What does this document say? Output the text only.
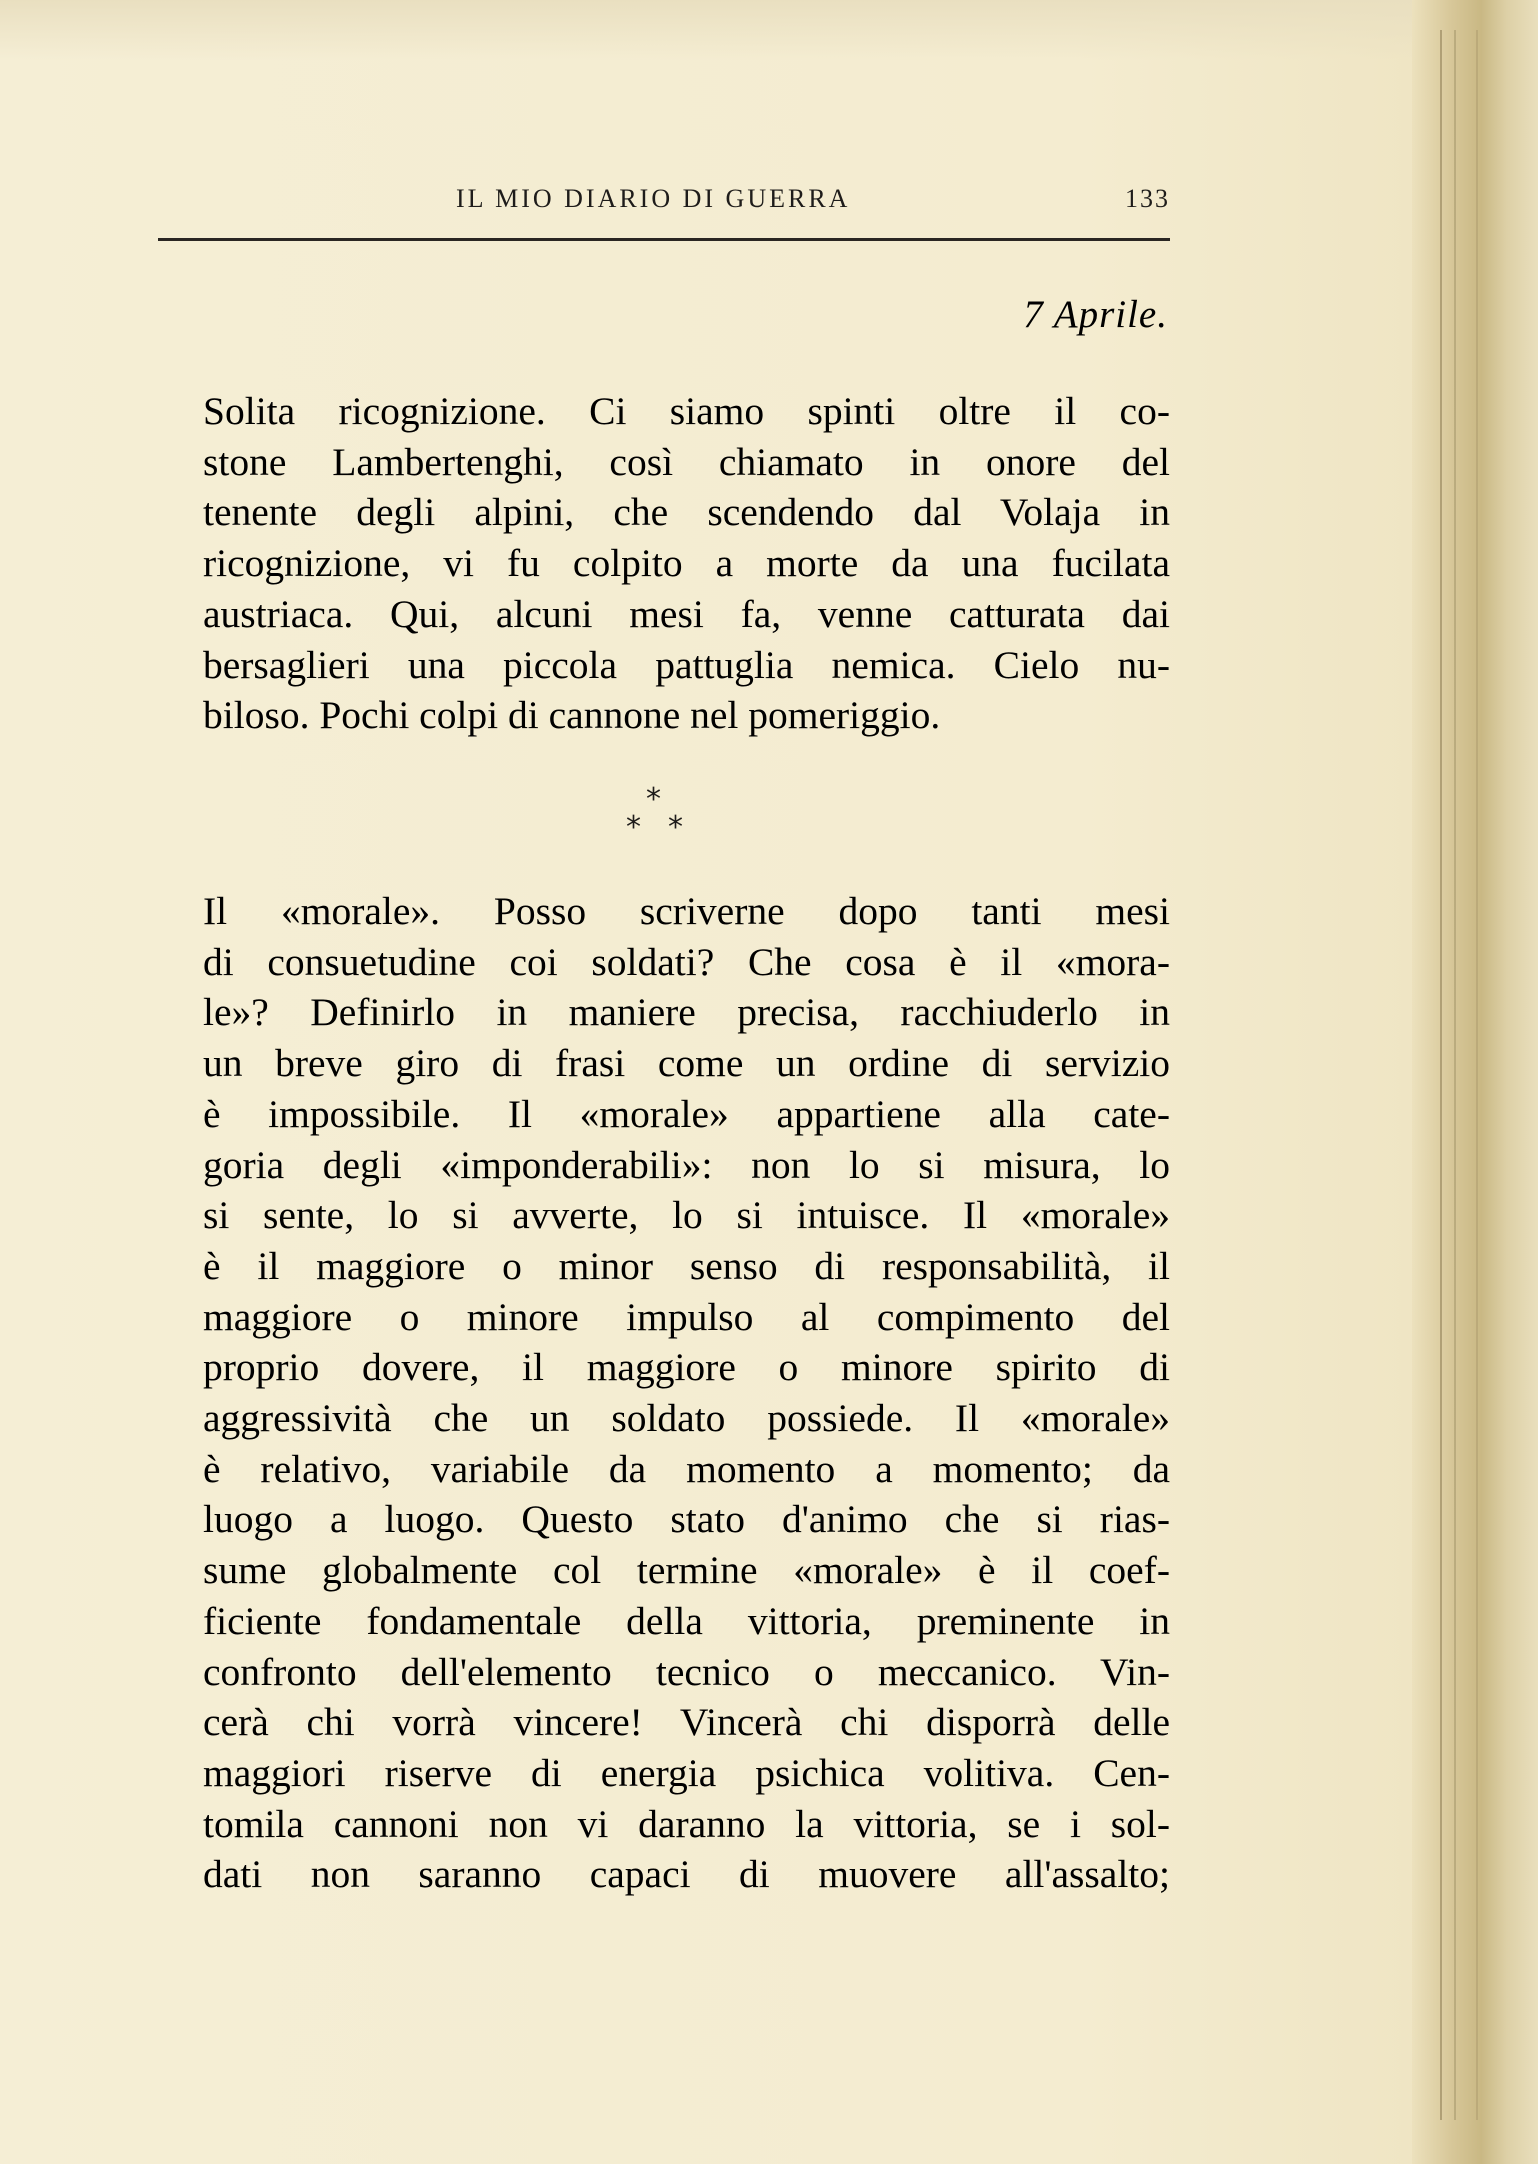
IL MIO DIARIO DI GUERRA	133
7 Aprile.
Solita ricognizione. Ci siamo spinti oltre il co-
stone Lambertenghi, così chiamato in onore del
tenente degli alpini, che scendendo dal Volaja in
ricognizione, vi fu colpito a morte da una fucilata
austriaca. Qui, alcuni mesi fa, venne catturata dai
bersaglieri una piccola pattuglia nemica. Cielo nu-
biloso. Pochi colpi di cannone nel pomeriggio.
*
* *
Il «morale». Posso scriverne dopo tanti mesi
di consuetudine coi soldati? Che cosa è il «mora-
le»? Definirlo in maniere precisa, racchiuderlo in
un breve giro di frasi come un ordine di servizio
è impossibile. Il «morale» appartiene alla cate-
goria degli «imponderabili»: non lo si misura, lo
si sente, lo si avverte, lo si intuisce. Il «morale»
è il maggiore o minor senso di responsabilità, il
maggiore o minore impulso al compimento del
proprio dovere, il maggiore o minore spirito di
aggressività che un soldato possiede. Il «morale»
è relativo, variabile da momento a momento; da
luogo a luogo. Questo stato d'animo che si rias-
sume globalmente col termine «morale» è il coef-
ficiente fondamentale della vittoria, preminente in
confronto dell'elemento tecnico o meccanico. Vin-
cerà chi vorrà vincere! Vincerà chi disporrà delle
maggiori riserve di energia psichica volitiva. Cen-
tomila cannoni non vi daranno la vittoria, se i sol-
dati non saranno capaci di muovere all'assalto;
